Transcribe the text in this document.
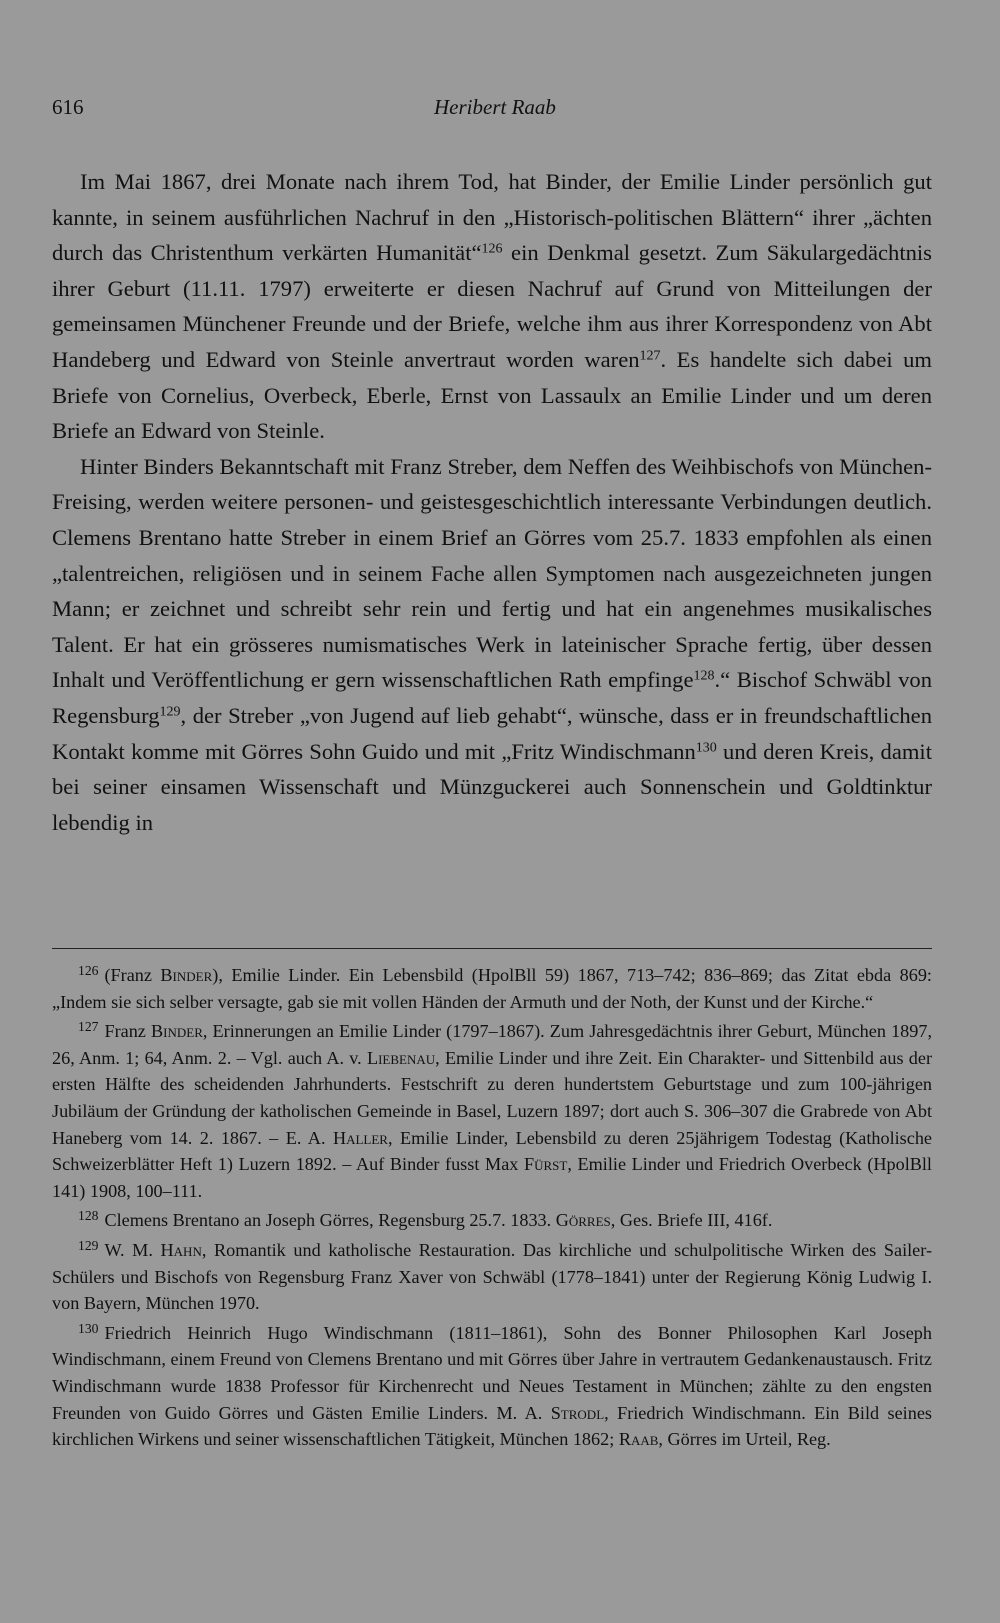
616	Heribert Raab

Im Mai 1867, drei Monate nach ihrem Tod, hat Binder, der Emilie Linder persönlich gut kannte, in seinem ausführlichen Nachruf in den „Historisch-politischen Blättern“ ihrer „ächten durch das Christenthum verkärten Humanität“$^{126}$ ein Denkmal gesetzt. Zum Säkulargedächtnis ihrer Geburt (11.11. 1797) erweiterte er diesen Nachruf auf Grund von Mitteilungen der gemeinsamen Münchener Freunde und der Briefe, welche ihm aus ihrer Korrespondenz von Abt Handeberg und Edward von Steinle anvertraut worden waren$^{127}$. Es handelte sich dabei um Briefe von Cornelius, Overbeck, Eberle, Ernst von Lassaulx an Emilie Linder und um deren Briefe an Edward von Steinle.

Hinter Binders Bekanntschaft mit Franz Streber, dem Neffen des Weihbischofs von München-Freising, werden weitere personen- und geistesgeschichtlich interessante Verbindungen deutlich. Clemens Brentano hatte Streber in einem Brief an Görres vom 25.7. 1833 empfohlen als einen „talentreichen, religiösen und in seinem Fache allen Symptomen nach ausgezeichneten jungen Mann; er zeichnet und schreibt sehr rein und fertig und hat ein angenehmes musikalisches Talent. Er hat ein grösseres numismatisches Werk in lateinischer Sprache fertig, über dessen Inhalt und Veröffentlichung er gern wissenschaftlichen Rath empfinge$^{128}$.“ Bischof Schwäbl von Regensburg$^{129}$, der Streber „von Jugend auf lieb gehabt“, wünsche, dass er in freundschaftlichen Kontakt komme mit Görres Sohn Guido und mit „Fritz Windischmann$^{130}$ und deren Kreis, damit bei seiner einsamen Wissenschaft und Münzguckerei auch Sonnenschein und Goldtinktur lebendig in

$^{126}$ (Franz Binder), Emilie Linder. Ein Lebensbild (HpolBll 59) 1867, 713–742; 836–869; das Zitat ebda 869: „Indem sie sich selber versagte, gab sie mit vollen Händen der Armuth und der Noth, der Kunst und der Kirche.“

$^{127}$ Franz Binder, Erinnerungen an Emilie Linder (1797–1867). Zum Jahresgedächtnis ihrer Geburt, München 1897, 26, Anm. 1; 64, Anm. 2. – Vgl. auch A. v. Liebenau, Emilie Linder und ihre Zeit. Ein Charakter- und Sittenbild aus der ersten Hälfte des scheidenden Jahrhunderts. Festschrift zu deren hundertstem Geburtstage und zum 100-jährigen Jubiläum der Gründung der katholischen Gemeinde in Basel, Luzern 1897; dort auch S. 306–307 die Grabrede von Abt Haneberg vom 14. 2. 1867. – E. A. Haller, Emilie Linder, Lebensbild zu deren 25jährigem Todestag (Katholische Schweizerblätter Heft 1) Luzern 1892. – Auf Binder fusst Max Fürst, Emilie Linder und Friedrich Overbeck (HpolBll 141) 1908, 100–111.

$^{128}$ Clemens Brentano an Joseph Görres, Regensburg 25.7. 1833. Görres, Ges. Briefe III, 416f.

$^{129}$ W. M. Hahn, Romantik und katholische Restauration. Das kirchliche und schulpolitische Wirken des Sailer-Schülers und Bischofs von Regensburg Franz Xaver von Schwäbl (1778–1841) unter der Regierung König Ludwig I. von Bayern, München 1970.

$^{130}$ Friedrich Heinrich Hugo Windischmann (1811–1861), Sohn des Bonner Philosophen Karl Joseph Windischmann, einem Freund von Clemens Brentano und mit Görres über Jahre in vertrautem Gedankenaustausch. Fritz Windischmann wurde 1838 Professor für Kirchenrecht und Neues Testament in München; zählte zu den engsten Freunden von Guido Görres und Gästen Emilie Linders. M. A. Strodl, Friedrich Windischmann. Ein Bild seines kirchlichen Wirkens und seiner wissenschaftlichen Tätigkeit, München 1862; Raab, Görres im Urteil, Reg.
